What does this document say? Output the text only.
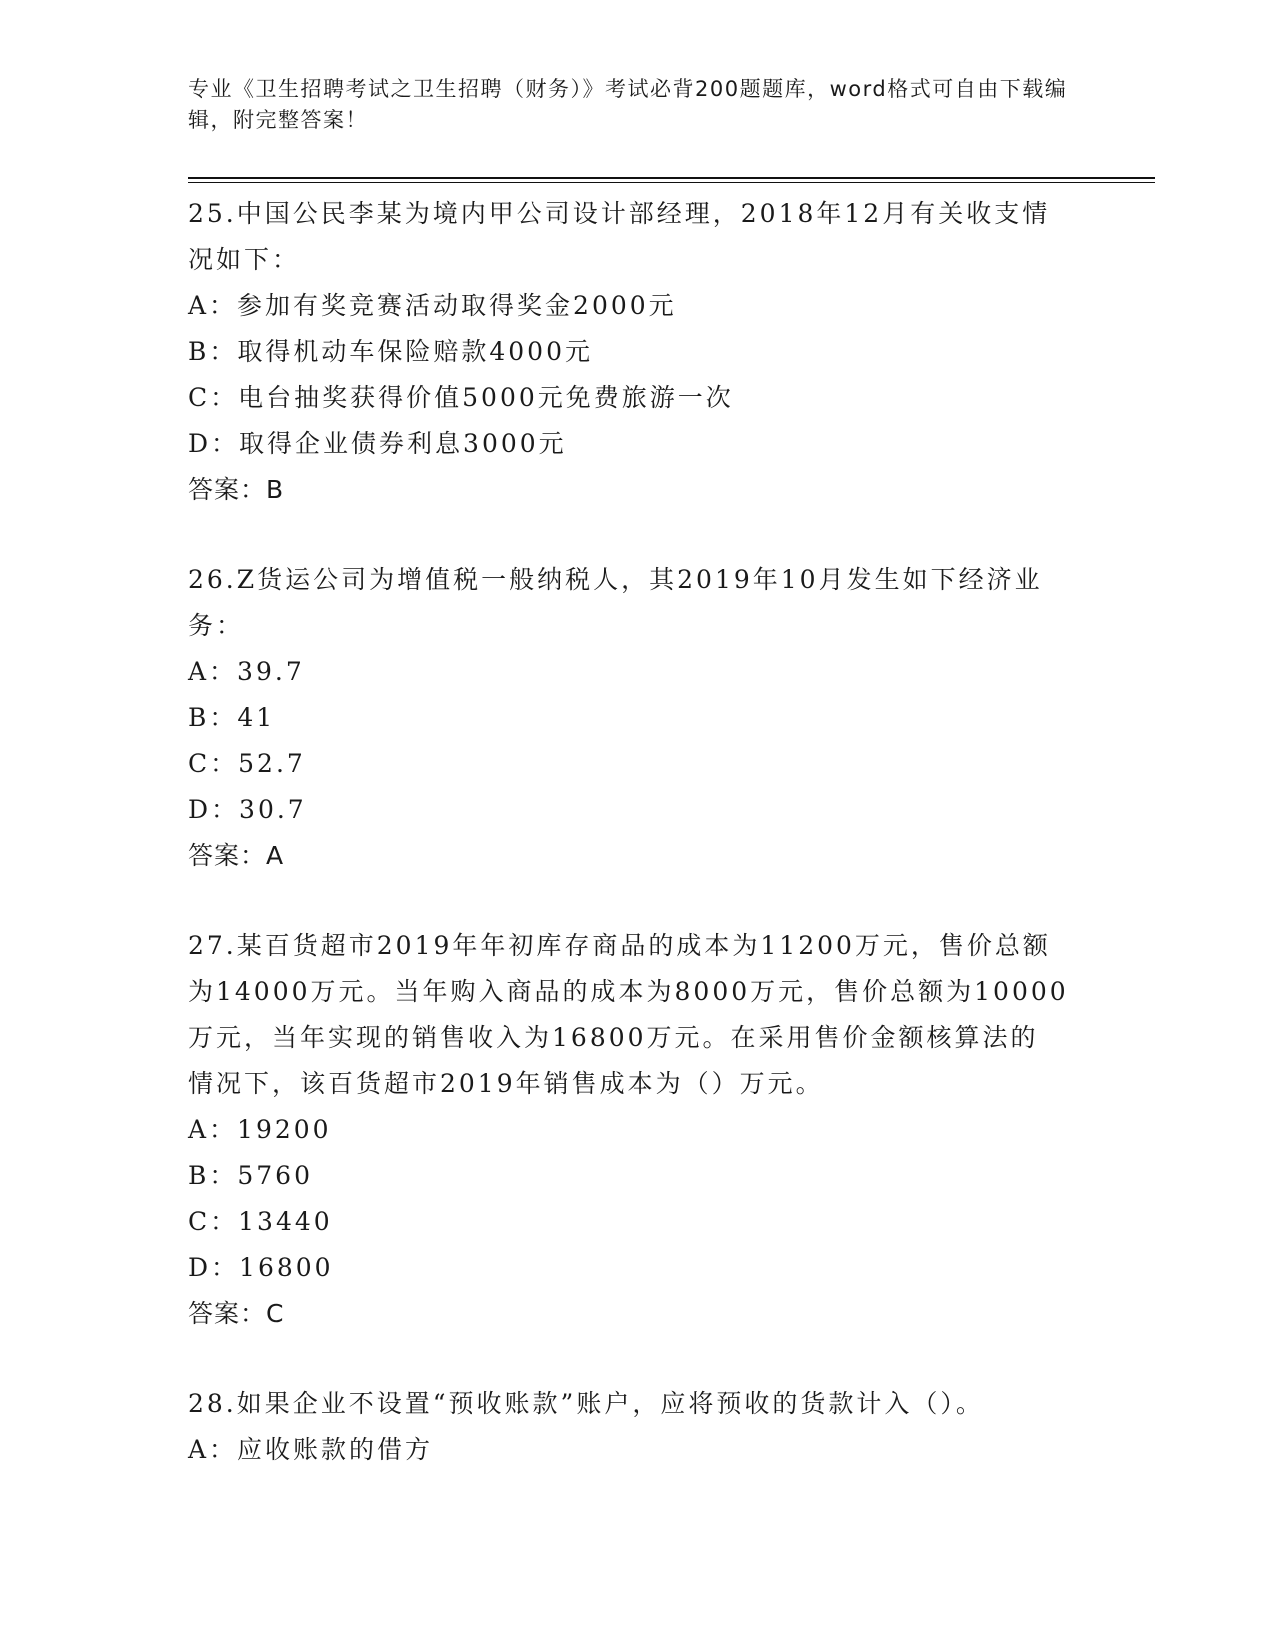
专业《卫生招聘考试之卫生招聘（财务）》考试必背200题题库，word格式可自由下载编辑，附完整答案！
25.中国公民李某为境内甲公司设计部经理，2018年12月有关收支情
况如下：
A：参加有奖竞赛活动取得奖金2000元
B：取得机动车保险赔款4000元
C：电台抽奖获得价值5000元免费旅游一次
D：取得企业债券利息3000元
答案：B
26.Z货运公司为增值税一般纳税人，其2019年10月发生如下经济业
务：
A：39.7
B：41
C：52.7
D：30.7
答案：A
27.某百货超市2019年年初库存商品的成本为11200万元，售价总额
为14000万元。当年购入商品的成本为8000万元，售价总额为10000
万元，当年实现的销售收入为16800万元。在采用售价金额核算法的
情况下，该百货超市2019年销售成本为（）万元。
A：19200
B：5760
C：13440
D：16800
答案：C
28.如果企业不设置“预收账款”账户，应将预收的货款计入（）。
A：应收账款的借方
